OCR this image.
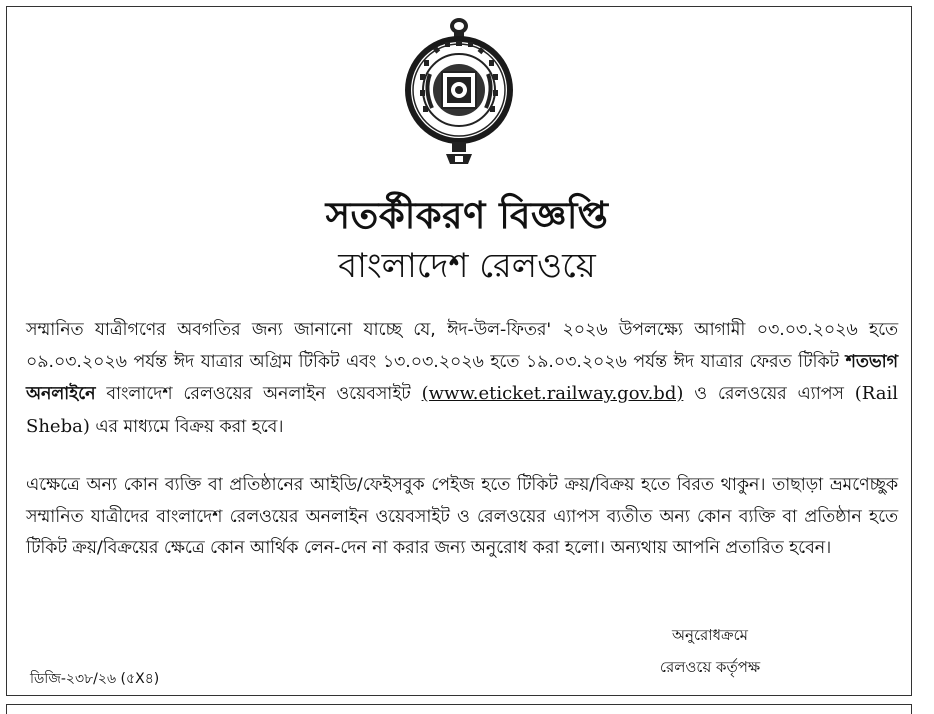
সতর্কীকরণ বিজ্ঞপ্তি
বাংলাদেশ রেলওয়ে
সম্মানিত যাত্রীগণের অবগতির জন্য জানানো যাচ্ছে যে, ঈদ-উল-ফিতর' ২০২৬ উপলক্ষ্যে আগামী ০৩.০৩.২০২৬ হতে ০৯.০৩.২০২৬ পর্যন্ত ঈদ যাত্রার অগ্রিম টিকিট এবং ১৩.০৩.২০২৬ হতে ১৯.০৩.২০২৬ পর্যন্ত ঈদ যাত্রার ফেরত টিকিট শতভাগ অনলাইনে বাংলাদেশ রেলওয়ের অনলাইন ওয়েবসাইট (www.eticket.railway.gov.bd) ও রেলওয়ের এ্যাপস (Rail Sheba) এর মাধ্যমে বিক্রয় করা হবে।
এক্ষেত্রে অন্য কোন ব্যক্তি বা প্রতিষ্ঠানের আইডি/ফেইসবুক পেইজ হতে টিকিট ক্রয়/বিক্রয় হতে বিরত থাকুন। তাছাড়া ভ্রমণেচ্ছুক সম্মানিত যাত্রীদের বাংলাদেশ রেলওয়ের অনলাইন ওয়েবসাইট ও রেলওয়ের এ্যাপস ব্যতীত অন্য কোন ব্যক্তি বা প্রতিষ্ঠান হতে টিকিট ক্রয়/বিক্রয়ের ক্ষেত্রে কোন আর্থিক লেন-দেন না করার জন্য অনুরোধ করা হলো। অন্যথায় আপনি প্রতারিত হবেন।
অনুরোধক্রমে
রেলওয়ে কর্তৃপক্ষ
ডিজি-২৩৮/২৬ (৫X৪)
